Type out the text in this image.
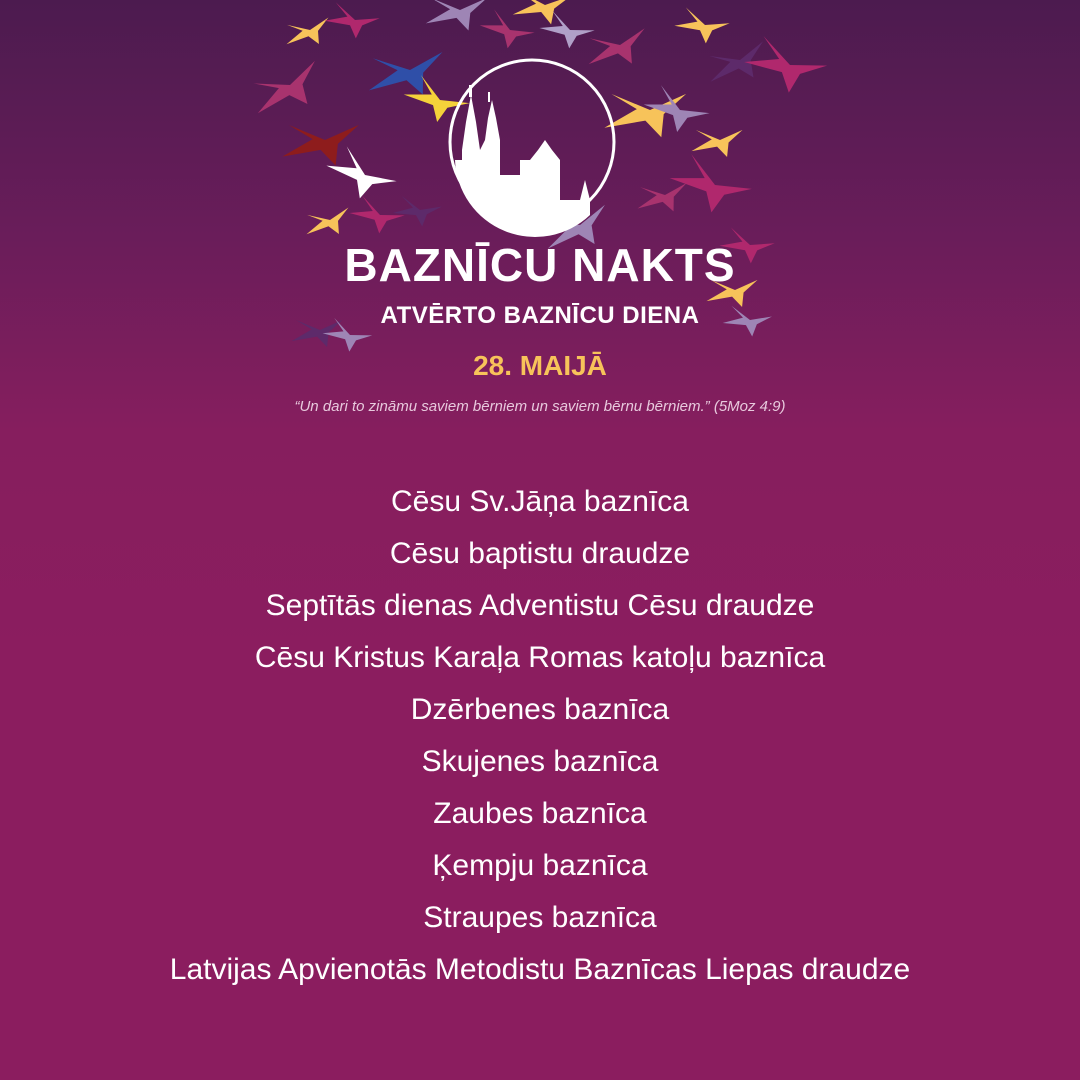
BAZNĪCU NAKTS
ATVĒRTO BAZNĪCU DIENA
28. MAIJĀ
“Un dari to zināmu saviem bērniem un saviem bērnu bērniem.” (5Moz 4:9)
Cēsu Sv.Jāņa baznīca
Cēsu baptistu draudze
Septītās dienas Adventistu Cēsu draudze
Cēsu Kristus Karaļa Romas katoļu baznīca
Dzērbenes baznīca
Skujenes baznīca
Zaubes baznīca
Ķempju baznīca
Straupes baznīca
Latvijas Apvienotās Metodistu Baznīcas Liepas draudze
